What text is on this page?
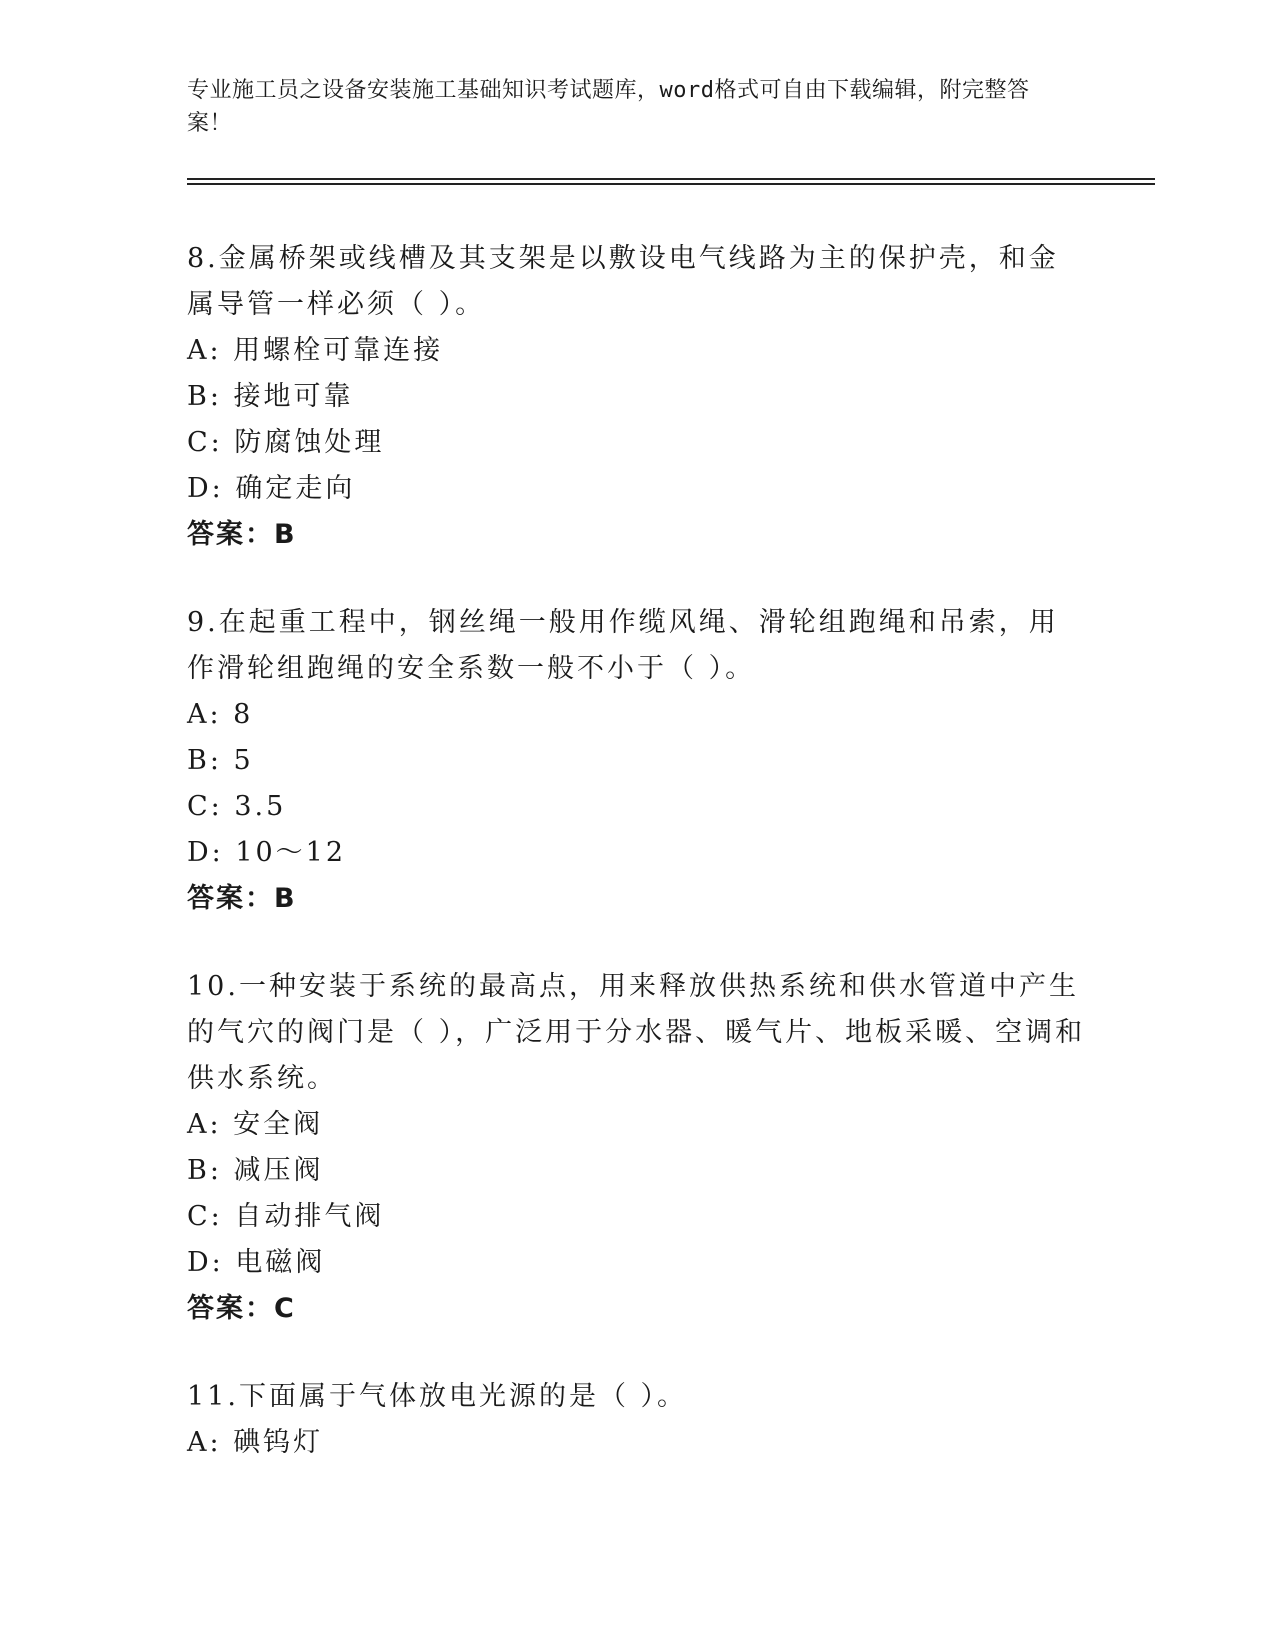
专业施工员之设备安装施工基础知识考试题库，word格式可自由下载编辑，附完整答案！
8.金属桥架或线槽及其支架是以敷设电气线路为主的保护壳，和金属导管一样必须（ ）。
A: 用螺栓可靠连接
B: 接地可靠
C: 防腐蚀处理
D: 确定走向
答案：B
9.在起重工程中，钢丝绳一般用作缆风绳、滑轮组跑绳和吊索，用作滑轮组跑绳的安全系数一般不小于（ ）。
A: 8
B: 5
C: 3.5
D: 10～12
答案：B
10.一种安装于系统的最高点，用来释放供热系统和供水管道中产生的气穴的阀门是（ ），广泛用于分水器、暖气片、地板采暖、空调和供水系统。
A: 安全阀
B: 减压阀
C: 自动排气阀
D: 电磁阀
答案：C
11.下面属于气体放电光源的是（ ）。
A: 碘钨灯
